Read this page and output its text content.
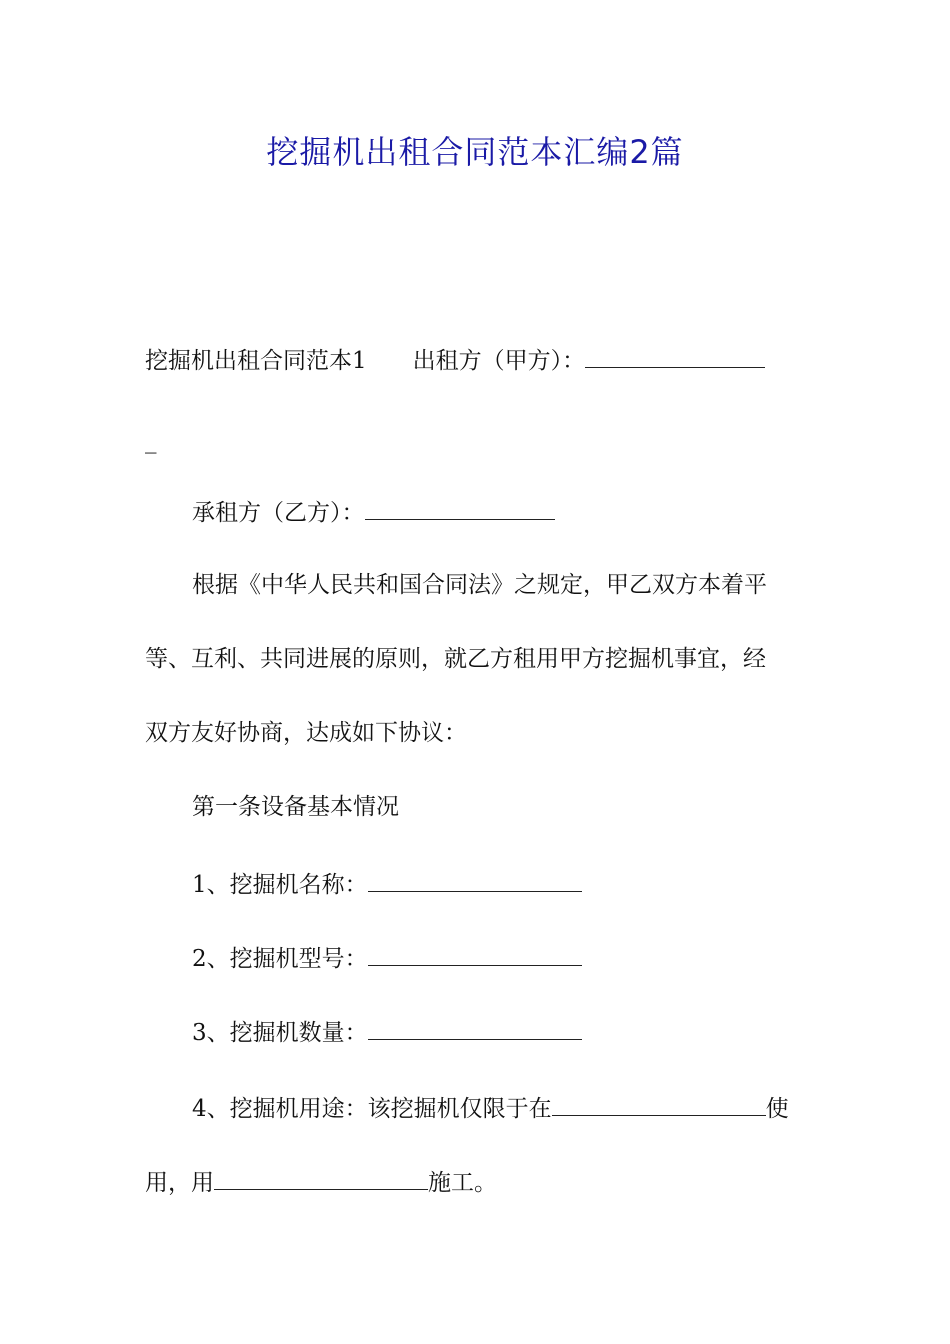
挖掘机出租合同范本汇编2篇
挖掘机出租合同范本1 出租方（甲方）：
_
承租方（乙方）：
根据《中华人民共和国合同法》之规定，甲乙双方本着平
等、互利、共同进展的原则，就乙方租用甲方挖掘机事宜，经
双方友好协商，达成如下协议：
第一条设备基本情况
1、挖掘机名称：
2、挖掘机型号：
3、挖掘机数量：
4、挖掘机用途：该挖掘机仅限于在	使
用，用	施工。
